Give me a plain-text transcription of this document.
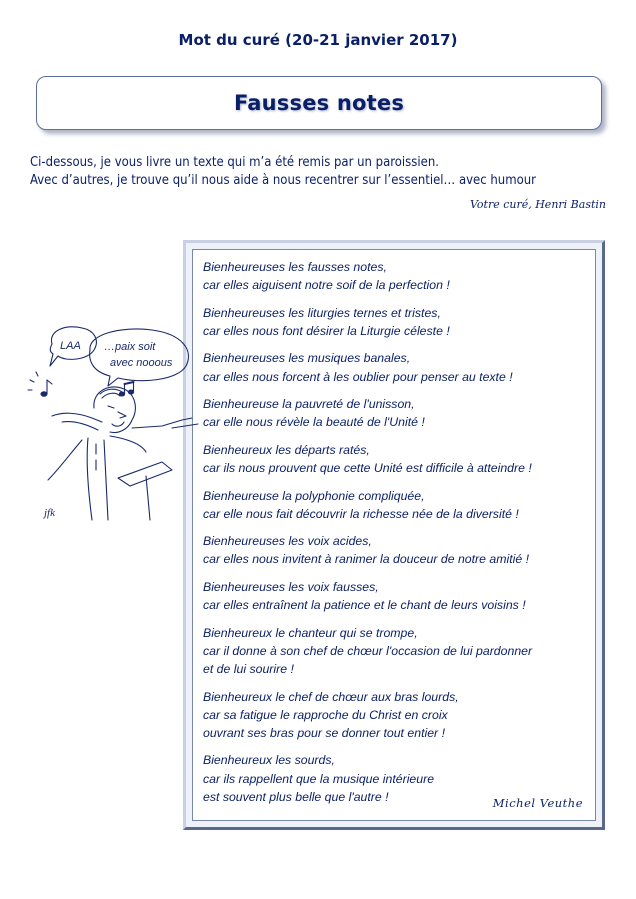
Mot du curé (20-21 janvier 2017)
Fausses notes

Ci-dessous, je vous livre un texte qui m’a été remis par un paroissien.

Avec d’autres, je trouve qu’il nous aide à nous recentrer sur l’essentiel… avec humour

Votre curé, Henri Bastin
Bienheureuses les fausses notes,
car elles aiguisent notre soif de la perfection !
Bienheureuses les liturgies ternes et tristes,
car elles nous font désirer la Liturgie céleste !
Bienheureuses les musiques banales,
car elles nous forcent à les oublier pour penser au texte !
Bienheureuse la pauvreté de l'unisson,
car elle nous révèle la beauté de l'Unité !
Bienheureux les départs ratés,
car ils nous prouvent que cette Unité est difficile à atteindre !
Bienheureuse la polyphonie compliquée,
car elle nous fait découvrir la richesse née de la diversité !
Bienheureuses les voix acides,
car elles nous invitent à ranimer la douceur de notre amitié !
Bienheureuses les voix fausses,
car elles entraînent la patience et le chant de leurs voisins !
Bienheureux le chanteur qui se trompe,
car il donne à son chef de chœur l'occasion de lui pardonner
et de lui sourire !
Bienheureux le chef de chœur aux bras lourds,
car sa fatigue le rapproche du Christ en croix
ouvrant ses bras pour se donner tout entier !
Bienheureux les sourds,
car ils rappellent que la musique intérieure
est souvent plus belle que l'autre !	Michel Veuthe
LAA …paix soit
avec nooous
jfk
